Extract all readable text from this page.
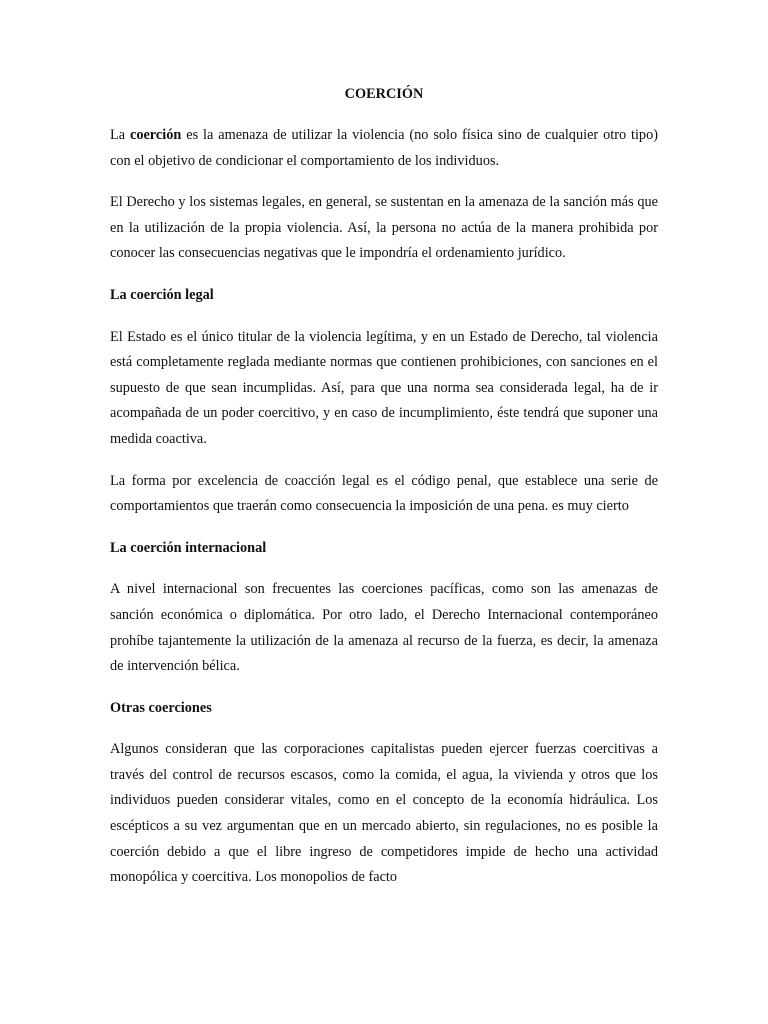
COERCIÓN

La coerción es la amenaza de utilizar la violencia (no solo física sino de cualquier otro tipo) con el objetivo de condicionar el comportamiento de los individuos.

El Derecho y los sistemas legales, en general, se sustentan en la amenaza de la sanción más que en la utilización de la propia violencia. Así, la persona no actúa de la manera prohibida por conocer las consecuencias negativas que le impondría el ordenamiento jurídico.

La coerción legal

El Estado es el único titular de la violencia legítima, y en un Estado de Derecho, tal violencia está completamente reglada mediante normas que contienen prohibiciones, con sanciones en el supuesto de que sean incumplidas. Así, para que una norma sea considerada legal, ha de ir acompañada de un poder coercitivo, y en caso de incumplimiento, éste tendrá que suponer una medida coactiva.

La forma por excelencia de coacción legal es el código penal, que establece una serie de comportamientos que traerán como consecuencia la imposición de una pena. es muy cierto

La coerción internacional

A nivel internacional son frecuentes las coerciones pacíficas, como son las amenazas de sanción económica o diplomática. Por otro lado, el Derecho Internacional contemporáneo prohíbe tajantemente la utilización de la amenaza al recurso de la fuerza, es decir, la amenaza de intervención bélica.

Otras coerciones

Algunos consideran que las corporaciones capitalistas pueden ejercer fuerzas coercitivas a través del control de recursos escasos, como la comida, el agua, la vivienda y otros que los individuos pueden considerar vitales, como en el concepto de la economía hidráulica. Los escépticos a su vez argumentan que en un mercado abierto, sin regulaciones, no es posible la coerción debido a que el libre ingreso de competidores impide de hecho una actividad monopólica y coercitiva. Los monopolios de facto
